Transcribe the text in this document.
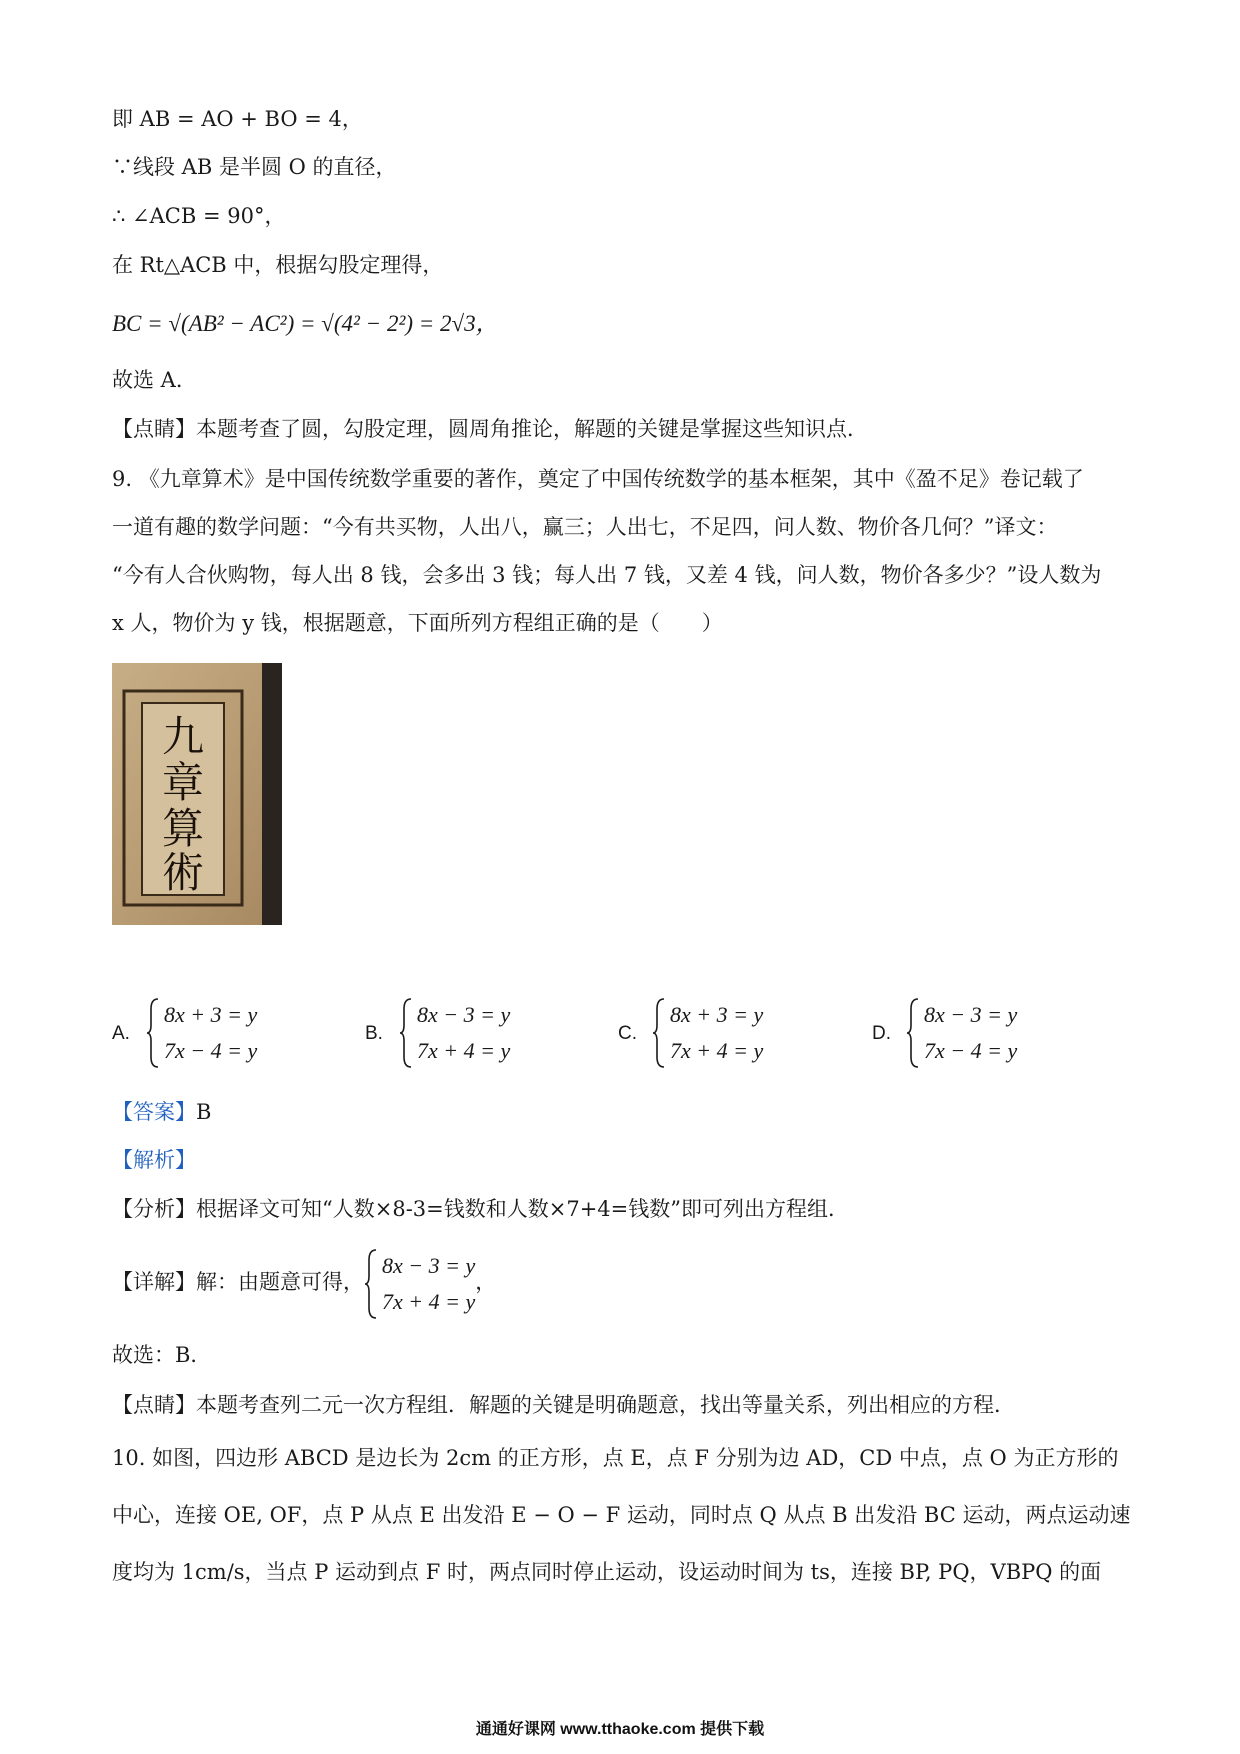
即 AB = AO + BO = 4，
∵线段 AB 是半圆 O 的直径，
∴ ∠ACB = 90°，
在 Rt△ACB 中，根据勾股定理得，
BC = √(AB² − AC²) = √(4² − 2²) = 2√3，
故选 A．
【点睛】本题考查了圆，勾股定理，圆周角推论，解题的关键是掌握这些知识点．
9. 《九章算术》是中国传统数学重要的著作，奠定了中国传统数学的基本框架，其中《盈不足》卷记载了
一道有趣的数学问题：“今有共买物，人出八，赢三；人出七，不足四，问人数、物价各几何？”译文：
“今有人合伙购物，每人出 8 钱，会多出 3 钱；每人出 7 钱，又差 4 钱，问人数，物价各多少？”设人数为
x 人，物价为 y 钱，根据题意，下面所列方程组正确的是（　　）
九
章
算
術
A.
8x + 3 = y
7x − 4 = y
B.
8x − 3 = y
7x + 4 = y
C.
8x + 3 = y
7x + 4 = y
D.
8x − 3 = y
7x − 4 = y
【答案】B
【解析】
【分析】根据译文可知“人数×8-3=钱数和人数×7+4=钱数”即可列出方程组．
【详解】解：由题意可得，
8x − 3 = y
7x + 4 = y
，
故选：B．
【点睛】本题考查列二元一次方程组．解题的关键是明确题意，找出等量关系，列出相应的方程．
10. 如图，四边形 ABCD 是边长为 2cm 的正方形，点 E，点 F 分别为边 AD，CD 中点，点 O 为正方形的
中心，连接 OE, OF，点 P 从点 E 出发沿 E − O − F 运动，同时点 Q 从点 B 出发沿 BC 运动，两点运动速
度均为 1cm/s，当点 P 运动到点 F 时，两点同时停止运动，设运动时间为 ts，连接 BP, PQ，VBPQ 的面
通通好课网 www.tthaoke.com 提供下载
